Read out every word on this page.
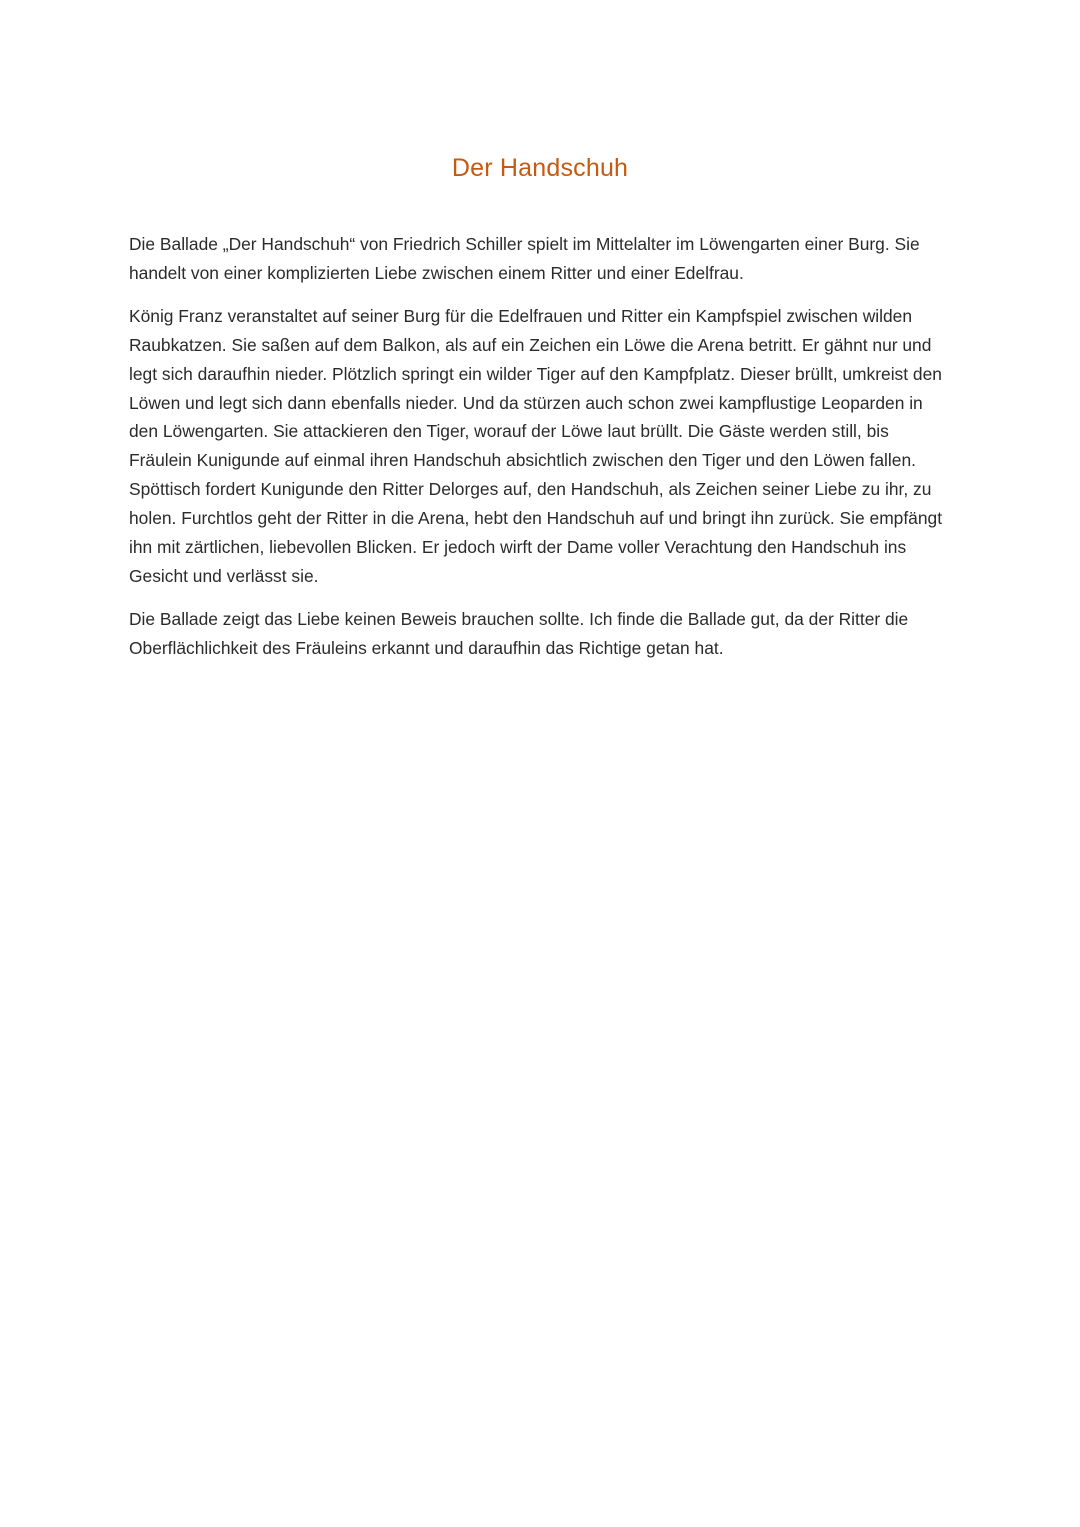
Der Handschuh

Die Ballade „Der Handschuh“ von Friedrich Schiller spielt im Mittelalter im Löwengarten einer Burg. Sie handelt von einer komplizierten Liebe zwischen einem Ritter und einer Edelfrau.

König Franz veranstaltet auf seiner Burg für die Edelfrauen und Ritter ein Kampfspiel zwischen wilden Raubkatzen. Sie saßen auf dem Balkon, als auf ein Zeichen ein Löwe die Arena betritt. Er gähnt nur und legt sich daraufhin nieder. Plötzlich springt ein wilder Tiger auf den Kampfplatz. Dieser brüllt, umkreist den Löwen und legt sich dann ebenfalls nieder. Und da stürzen auch schon zwei kampflustige Leoparden in den Löwengarten. Sie attackieren den Tiger, worauf der Löwe laut brüllt. Die Gäste werden still, bis Fräulein Kunigunde auf einmal ihren Handschuh absichtlich zwischen den Tiger und den Löwen fallen. Spöttisch fordert Kunigunde den Ritter Delorges auf, den Handschuh, als Zeichen seiner Liebe zu ihr, zu holen. Furchtlos geht der Ritter in die Arena, hebt den Handschuh auf und bringt ihn zurück. Sie empfängt ihn mit zärtlichen, liebevollen Blicken. Er jedoch wirft der Dame voller Verachtung den Handschuh ins Gesicht und verlässt sie.

Die Ballade zeigt das Liebe keinen Beweis brauchen sollte. Ich finde die Ballade gut, da der Ritter die Oberflächlichkeit des Fräuleins erkannt und daraufhin das Richtige getan hat.
